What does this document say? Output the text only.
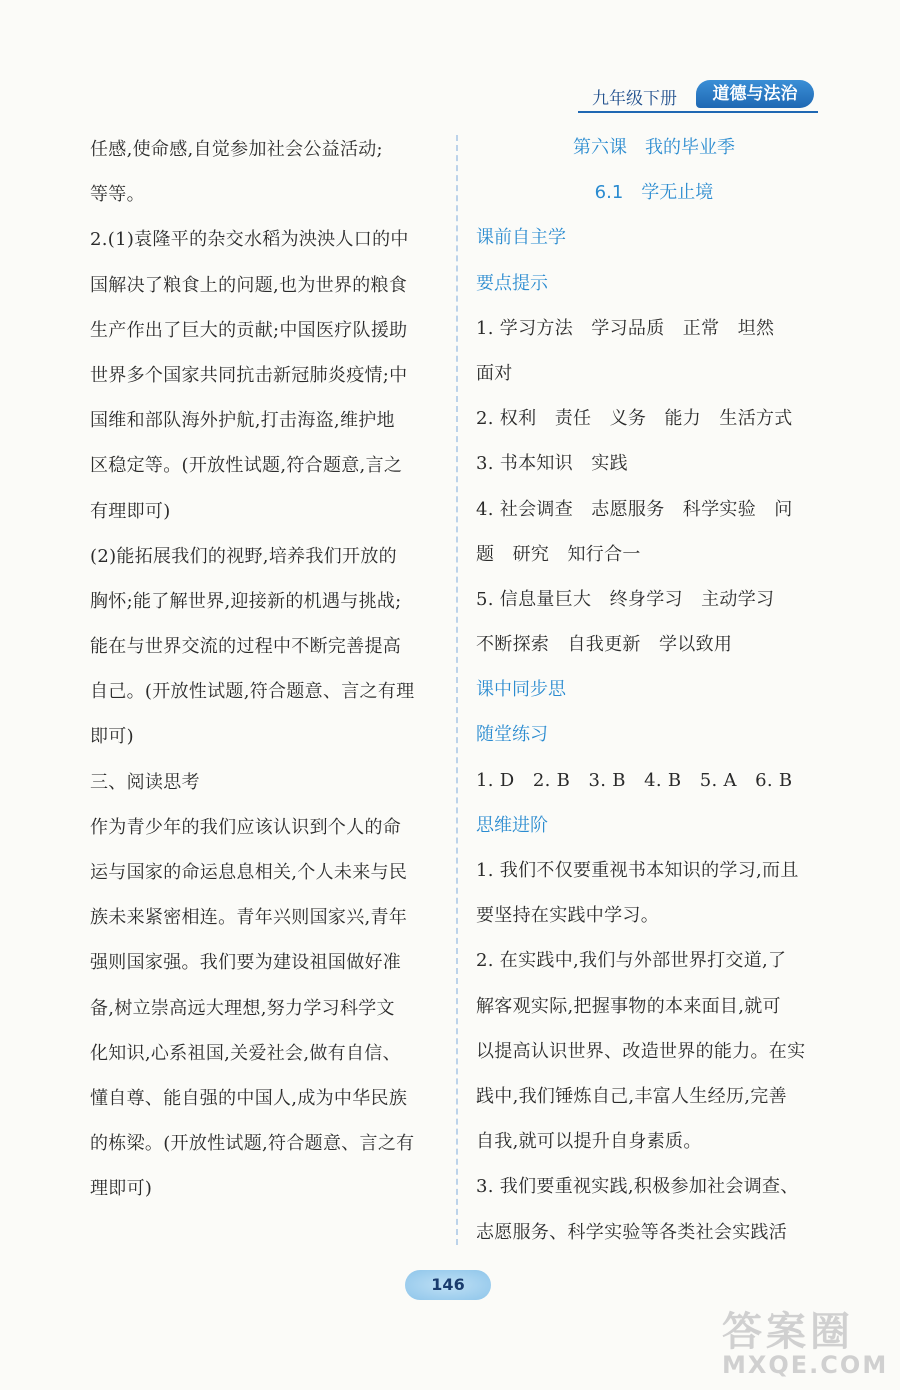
九年级下册	道德与法治
任感,使命感,自觉参加社会公益活动;
等等。
2.(1)袁隆平的杂交水稻为泱泱人口的中
国解决了粮食上的问题,也为世界的粮食
生产作出了巨大的贡献;中国医疗队援助
世界多个国家共同抗击新冠肺炎疫情;中
国维和部队海外护航,打击海盗,维护地
区稳定等。(开放性试题,符合题意,言之
有理即可)
(2)能拓展我们的视野,培养我们开放的
胸怀;能了解世界,迎接新的机遇与挑战;
能在与世界交流的过程中不断完善提高
自己。(开放性试题,符合题意、言之有理
即可)
三、阅读思考
作为青少年的我们应该认识到个人的命
运与国家的命运息息相关,个人未来与民
族未来紧密相连。青年兴则国家兴,青年
强则国家强。我们要为建设祖国做好准
备,树立崇高远大理想,努力学习科学文
化知识,心系祖国,关爱社会,做有自信、
懂自尊、能自强的中国人,成为中华民族
的栋梁。(开放性试题,符合题意、言之有
理即可)
第六课　我的毕业季
6.1　学无止境
课前自主学
要点提示
1. 学习方法　学习品质　正常　坦然
面对
2. 权利　责任　义务　能力　生活方式
3. 书本知识　实践
4. 社会调查　志愿服务　科学实验　问
题　研究　知行合一
5. 信息量巨大　终身学习　主动学习
不断探索　自我更新　学以致用
课中同步思
随堂练习
1. D　2. B　3. B　4. B　5. A　6. B
思维进阶
1. 我们不仅要重视书本知识的学习,而且
要坚持在实践中学习。
2. 在实践中,我们与外部世界打交道,了
解客观实际,把握事物的本来面目,就可
以提高认识世界、改造世界的能力。在实
践中,我们锤炼自己,丰富人生经历,完善
自我,就可以提升自身素质。
3. 我们要重视实践,积极参加社会调查、
志愿服务、科学实验等各类社会实践活
146
答案圈
MXQE.COM
